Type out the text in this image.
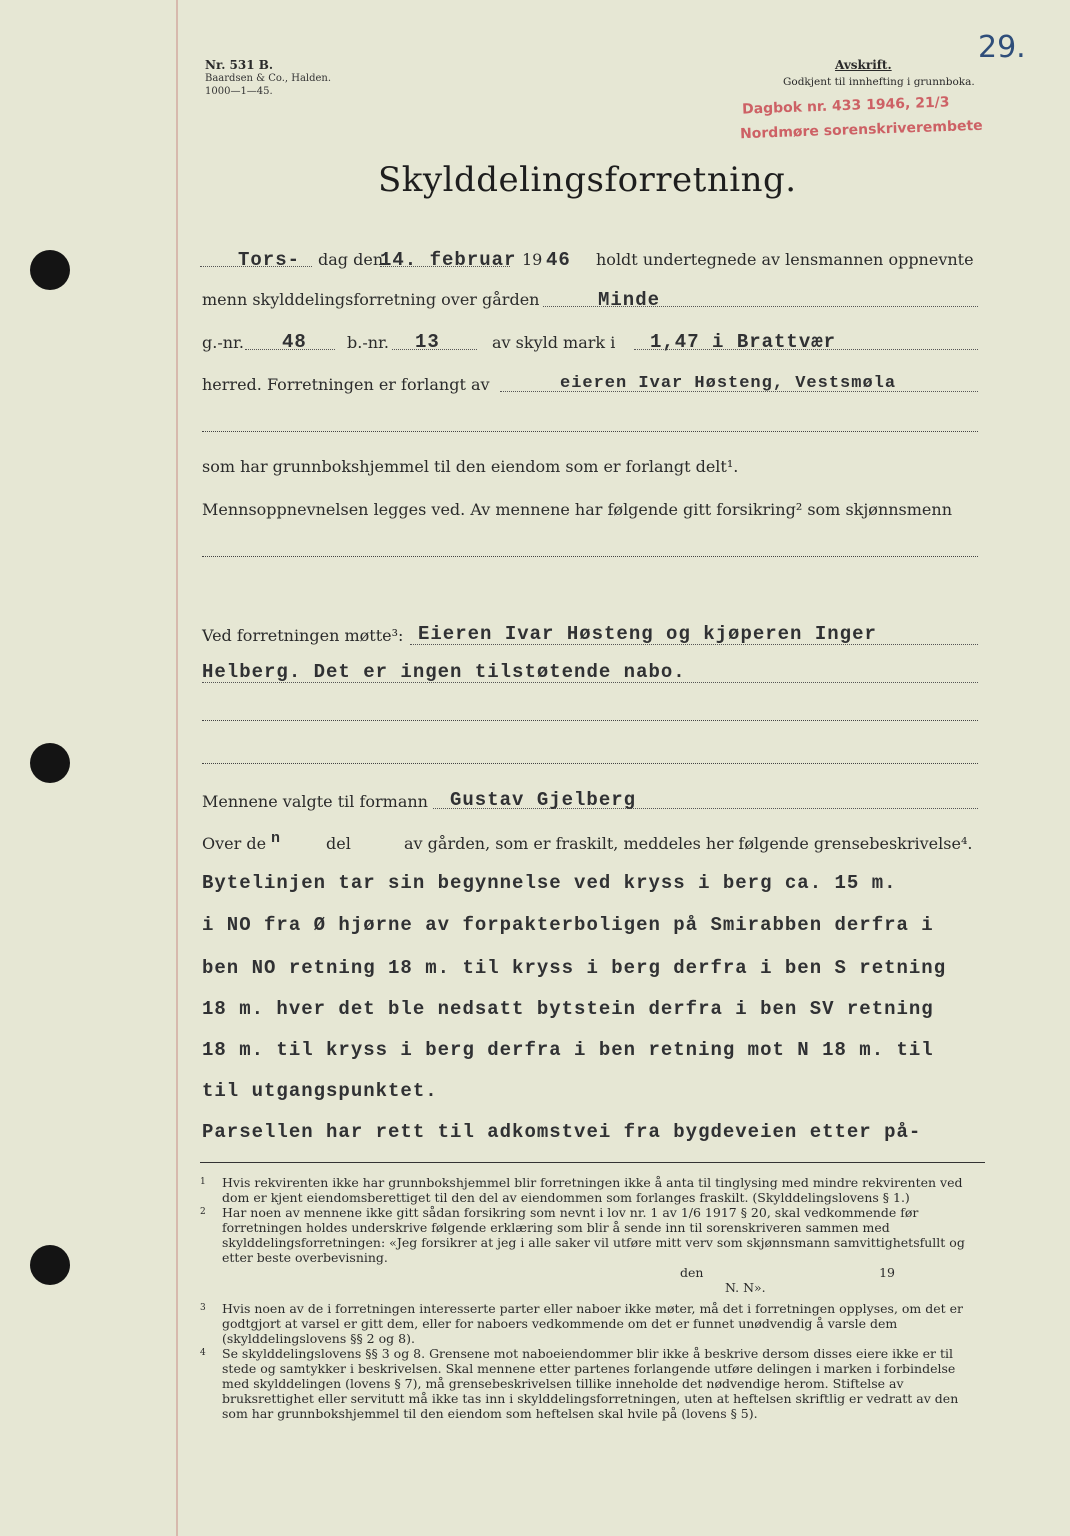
Nr. 531 B.
Baardsen & Co., Halden.
1000—1—45.
Avskrift.
Godkjent til innhefting i grunnboka.
29.
Dagbok nr. 433 1946, 21/3
Nordmøre sorenskriverembete
Skylddelingsforretning.
Tors- dag den
14. februar 19 46 holdt undertegnede av lensmannen oppnevnte
menn skylddelingsforretning over gården	Minde
g.-nr. 48	b.-nr. 13	av skyld mark i 1,47 i Brattvær
herred. Forretningen er forlangt av	eieren Ivar Høsteng, Vestsmøla
som har grunnbokshjemmel til den eiendom som er forlangt delt¹.
Mennsoppnevnelsen legges ved. Av mennene har følgende gitt forsikring² som skjønnsmenn
Ved forretningen møtte³: Eieren Ivar Høsteng og kjøperen Inger
Helberg. Det er ingen tilstøtende nabo.
Mennene valgte til formann Gustav Gjelberg
Over de n	del	av gården, som er fraskilt, meddeles her følgende grensebeskrivelse⁴.
Bytelinjen tar sin begynnelse ved kryss i berg ca. 15 m.
i NO fra Ø hjørne av forpakterboligen på Smirabben derfra i
ben NO retning 18 m. til kryss i berg derfra i ben S retning
18 m. hver det ble nedsatt bytstein derfra i ben SV retning
18 m. til kryss i berg derfra i ben retning mot N 18 m. til
til utgangspunktet.
Parsellen har rett til adkomstvei fra bygdeveien etter på-
1	Hvis rekvirenten ikke har grunnbokshjemmel blir forretningen ikke å anta til tinglysing med mindre rekvirenten ved dom er kjent eiendomsberettiget til den del av eiendommen som forlanges fraskilt. (Skylddelingslovens § 1.)
2	Har noen av mennene ikke gitt sådan forsikring som nevnt i lov nr. 1 av 1/6 1917 § 20, skal vedkommende før forretningen holdes underskrive følgende erklæring som blir å sende inn til sorenskriveren sammen med skylddelingsforretningen: «Jeg forsikrer at jeg i alle saker vil utføre mitt verv som skjønnsmann samvittighetsfullt og etter beste overbevisning.
den	19
N. N».
3	Hvis noen av de i forretningen interesserte parter eller naboer ikke møter, må det i forretningen opplyses, om det er godtgjort at varsel er gitt dem, eller for naboers vedkommende om det er funnet unødvendig å varsle dem (skylddelingslovens §§ 2 og 8).
4	Se skylddelingslovens §§ 3 og 8. Grensene mot naboeiendommer blir ikke å beskrive dersom disses eiere ikke er til stede og samtykker i beskrivelsen. Skal mennene etter partenes forlangende utføre delingen i marken i forbindelse med skylddelingen (lovens § 7), må grensebeskrivelsen tillike inneholde det nødvendige herom. Stiftelse av bruksrettighet eller servitutt må ikke tas inn i skylddelingsforretningen, uten at heftelsen skriftlig er vedratt av den som har grunnbokshjemmel til den eiendom som heftelsen skal hvile på (lovens § 5).
